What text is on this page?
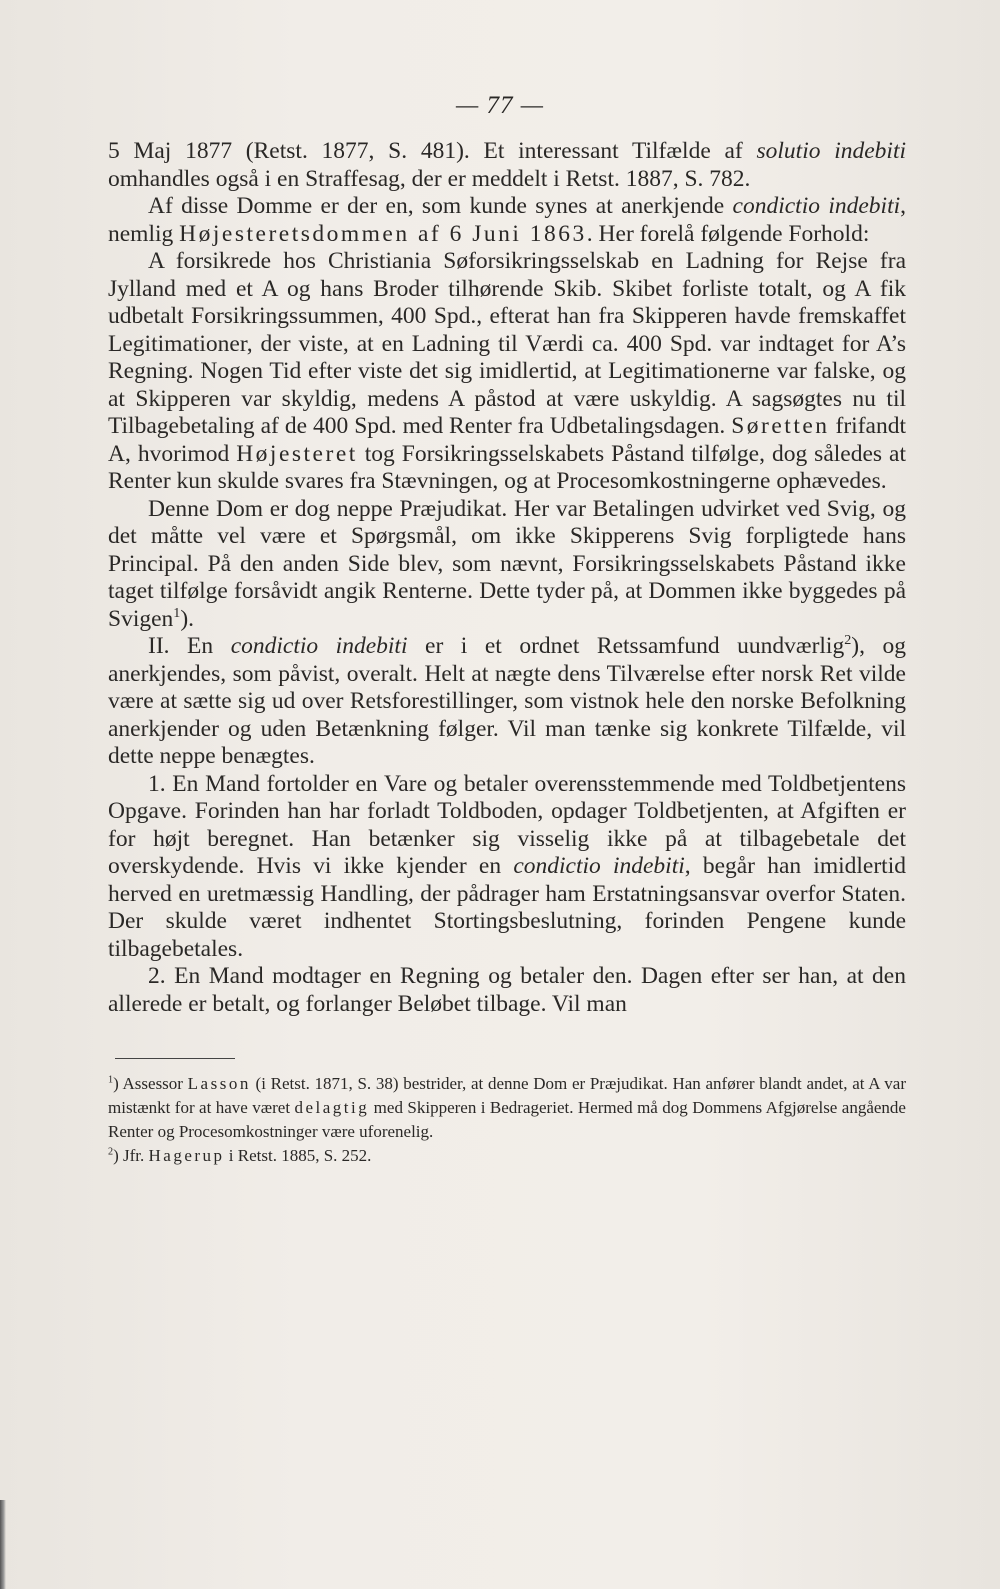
— 77 —

5 Maj 1877 (Retst. 1877, S. 481). Et interessant Tilfælde af solutio indebiti omhandles også i en Straffesag, der er meddelt i Retst. 1887, S. 782.

Af disse Domme er der en, som kunde synes at anerkjende condictio indebiti, nemlig Højesteretsdommen af 6 Juni 1863. Her forelå følgende Forhold:

A forsikrede hos Christiania Søforsikringsselskab en Ladning for Rejse fra Jylland med et A og hans Broder tilhørende Skib. Skibet forliste totalt, og A fik udbetalt Forsikringssummen, 400 Spd., efterat han fra Skipperen havde fremskaffet Legitimationer, der viste, at en Ladning til Værdi ca. 400 Spd. var indtaget for A’s Regning. Nogen Tid efter viste det sig imidlertid, at Legitimationerne var falske, og at Skipperen var skyldig, medens A påstod at være uskyldig. A sagsøgtes nu til Tilbagebetaling af de 400 Spd. med Renter fra Udbetalingsdagen. Søretten frifandt A, hvorimod Højesteret tog Forsikringsselskabets Påstand tilfølge, dog således at Renter kun skulde svares fra Stævningen, og at Procesomkostningerne ophævedes.

Denne Dom er dog neppe Præjudikat. Her var Betalingen udvirket ved Svig, og det måtte vel være et Spørgsmål, om ikke Skipperens Svig forpligtede hans Principal. På den anden Side blev, som nævnt, Forsikringsselskabets Påstand ikke taget tilfølge forsåvidt angik Renterne. Dette tyder på, at Dommen ikke byggedes på Svigen$^1$).

II. En condictio indebiti er i et ordnet Retssamfund uundværlig$^2$), og anerkjendes, som påvist, overalt. Helt at nægte dens Tilværelse efter norsk Ret vilde være at sætte sig ud over Retsforestillinger, som vistnok hele den norske Befolkning anerkjender og uden Betænkning følger. Vil man tænke sig konkrete Tilfælde, vil dette neppe benægtes.

1. En Mand fortolder en Vare og betaler overensstemmende med Toldbetjentens Opgave. Forinden han har forladt Toldboden, opdager Toldbetjenten, at Afgiften er for højt beregnet. Han betænker sig visselig ikke på at tilbagebetale det overskydende. Hvis vi ikke kjender en condictio indebiti, begår han imidlertid herved en uretmæssig Handling, der pådrager ham Erstatningsansvar overfor Staten. Der skulde været indhentet Stortingsbeslutning, forinden Pengene kunde tilbagebetales.

2. En Mand modtager en Regning og betaler den. Dagen efter ser han, at den allerede er betalt, og forlanger Beløbet tilbage. Vil man

$^1$) Assessor Lasson (i Retst. 1871, S. 38) bestrider, at denne Dom er Præjudikat. Han anfører blandt andet, at A var mistænkt for at have været delagtig med Skipperen i Bedrageriet. Hermed må dog Dommens Afgjørelse angående Renter og Procesomkostninger være uforenelig.

$^2$) Jfr. Hagerup i Retst. 1885, S. 252.
